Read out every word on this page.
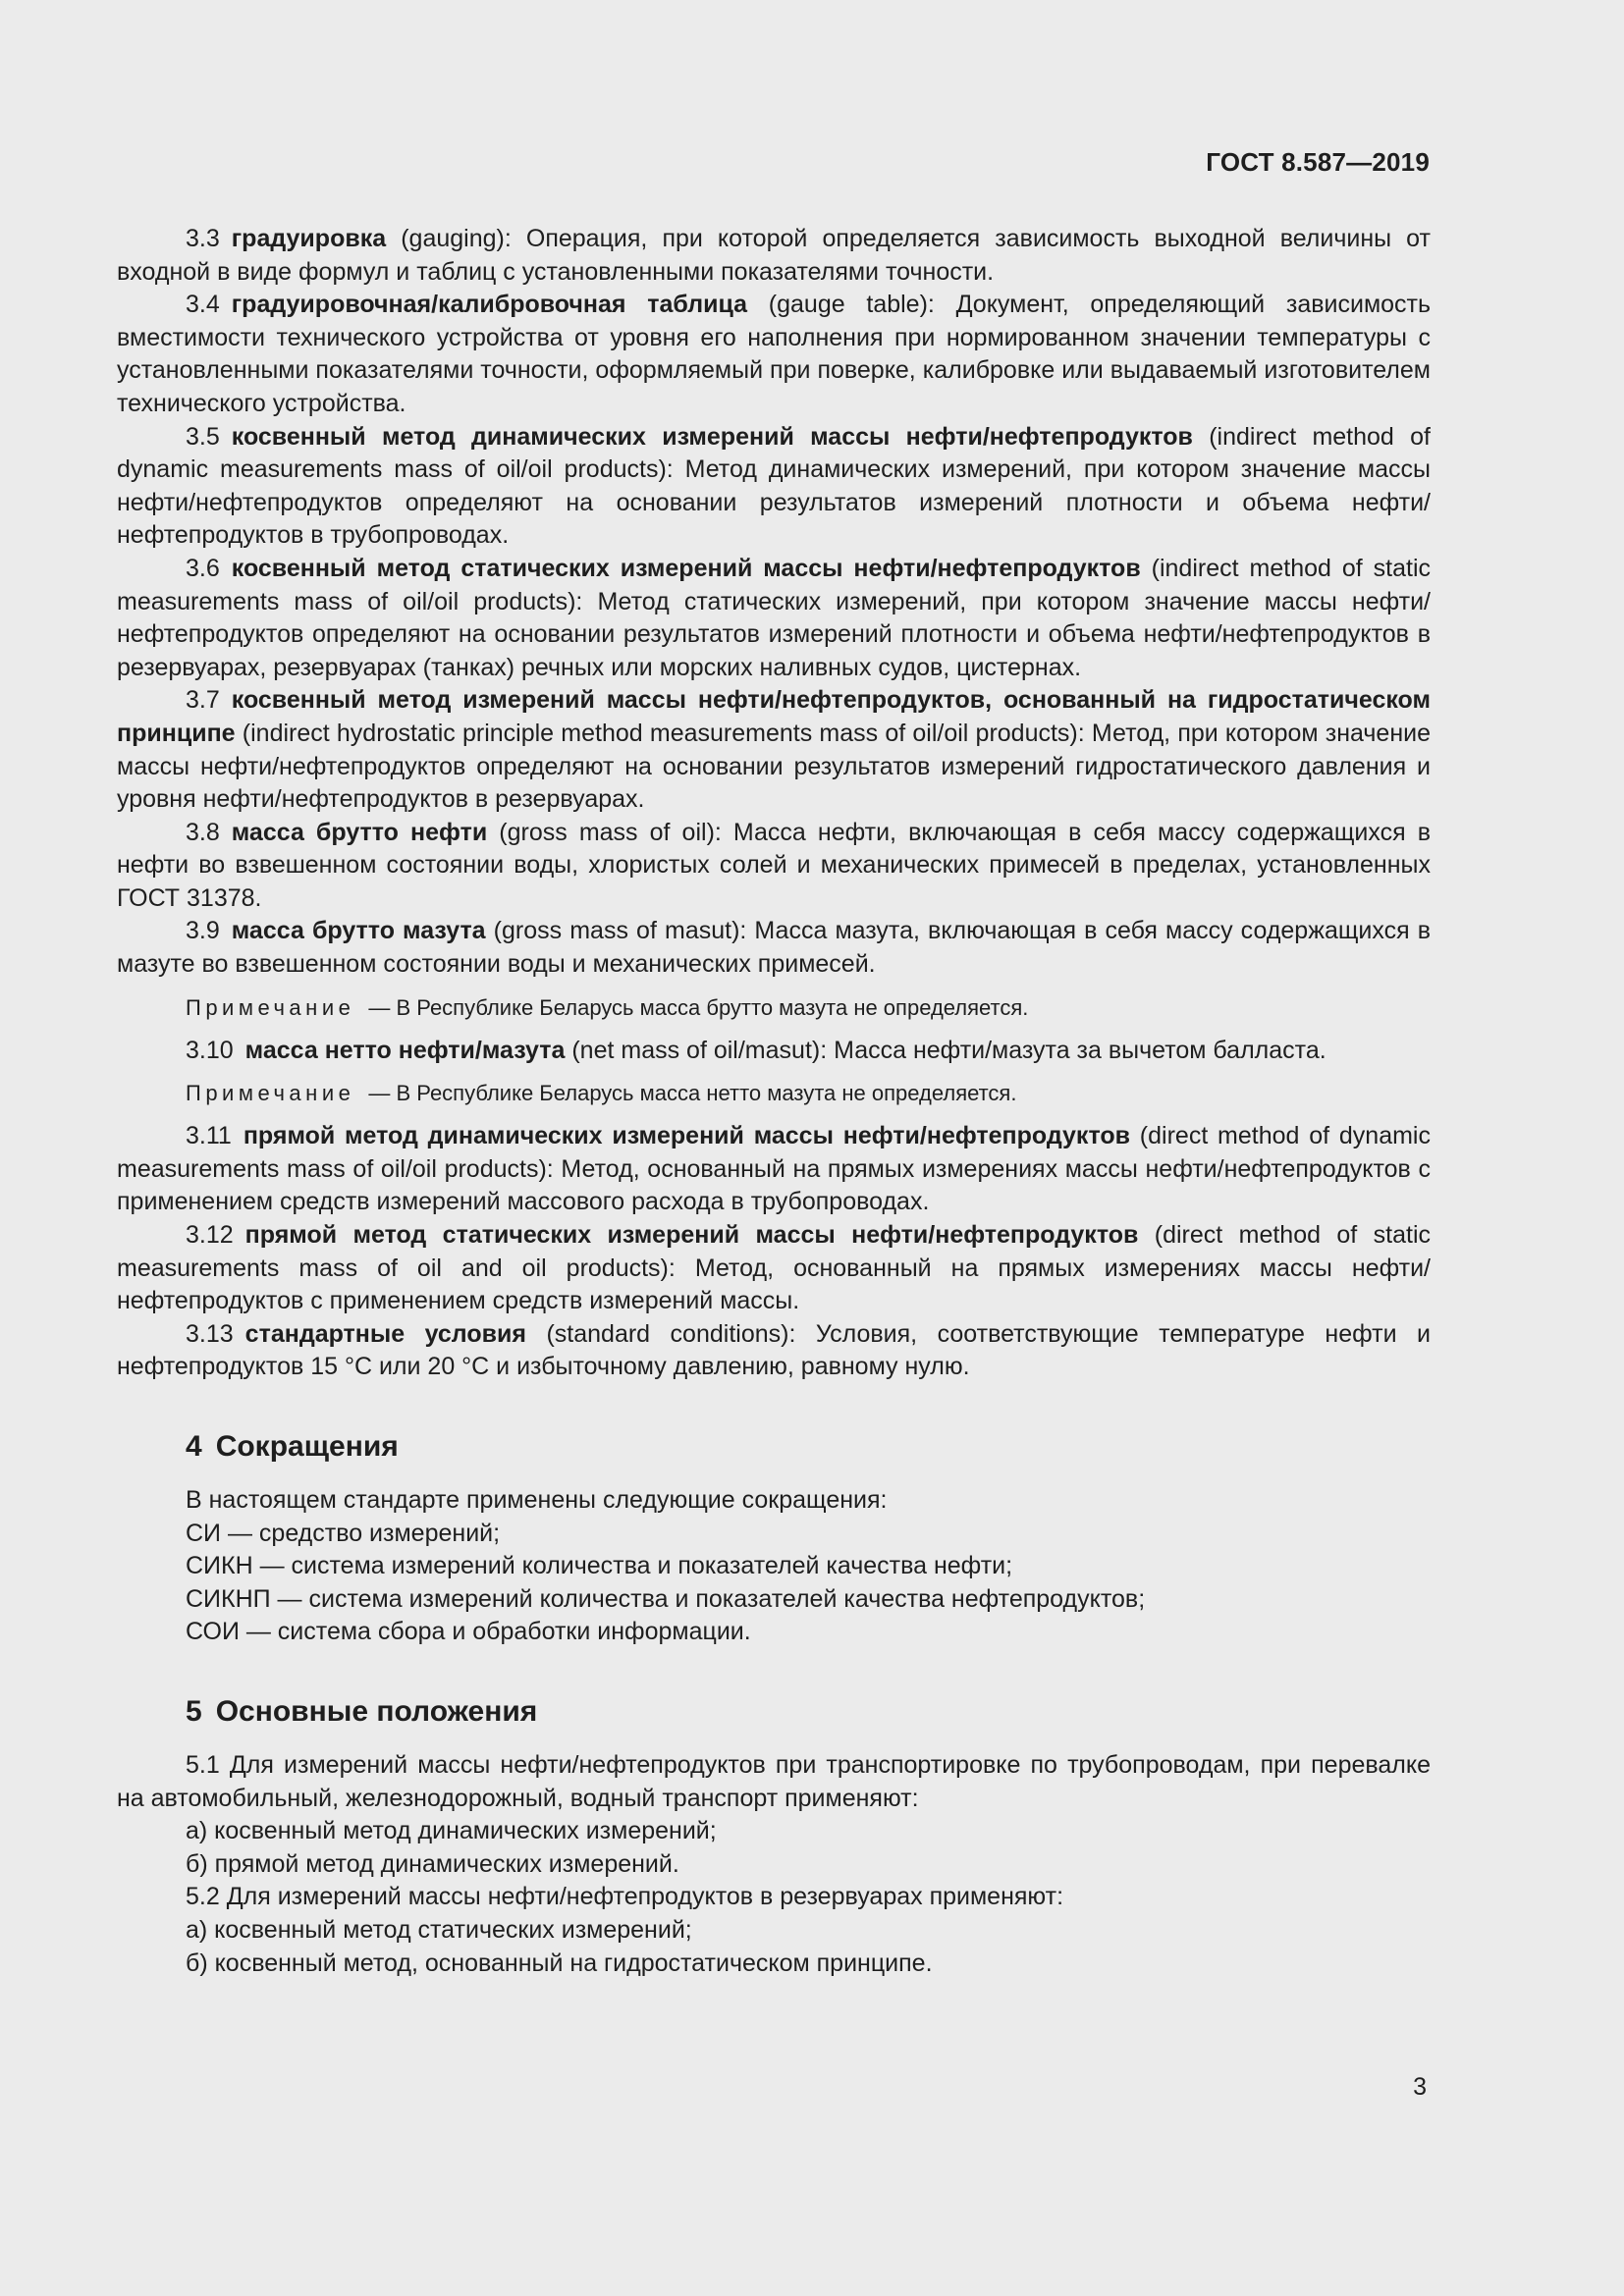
ГОСТ 8.587—2019

3.3 градуировка (gauging): Операция, при которой определяется зависимость выходной величины от входной в виде формул и таблиц с установленными показателями точности.

3.4 градуировочная/калибровочная таблица (gauge table): Документ, определяющий зависимость вместимости технического устройства от уровня его наполнения при нормированном значении температуры с установленными показателями точности, оформляемый при поверке, калибровке или выдаваемый изготовителем технического устройства.

3.5 косвенный метод динамических измерений массы нефти/нефтепродуктов (indirect method of dynamic measurements mass of oil/oil products): Метод динамических измерений, при котором значение массы нефти/нефтепродуктов определяют на основании результатов измерений плотности и объема нефти/нефтепродуктов в трубопроводах.

3.6 косвенный метод статических измерений массы нефти/нефтепродуктов (indirect method of static measurements mass of oil/oil products): Метод статических измерений, при котором значение массы нефти/нефтепродуктов определяют на основании результатов измерений плотности и объема нефти/нефтепродуктов в резервуарах, резервуарах (танках) речных или морских наливных судов, цистернах.

3.7 косвенный метод измерений массы нефти/нефтепродуктов, основанный на гидростатическом принципе (indirect hydrostatic principle method measurements mass of oil/oil products): Метод, при котором значение массы нефти/нефтепродуктов определяют на основании результатов измерений гидростатического давления и уровня нефти/нефтепродуктов в резервуарах.

3.8 масса брутто нефти (gross mass of oil): Масса нефти, включающая в себя массу содержащихся в нефти во взвешенном состоянии воды, хлористых солей и механических примесей в пределах, установленных ГОСТ 31378.

3.9 масса брутто мазута (gross mass of masut): Масса мазута, включающая в себя массу содержащихся в мазуте во взвешенном состоянии воды и механических примесей.

Примечание — В Республике Беларусь масса брутто мазута не определяется.

3.10 масса нетто нефти/мазута (net mass of oil/masut): Масса нефти/мазута за вычетом балласта.

Примечание — В Республике Беларусь масса нетто мазута не определяется.

3.11 прямой метод динамических измерений массы нефти/нефтепродуктов (direct method of dynamic measurements mass of oil/oil products): Метод, основанный на прямых измерениях массы нефти/нефтепродуктов с применением средств измерений массового расхода в трубопроводах.

3.12 прямой метод статических измерений массы нефти/нефтепродуктов (direct method of static measurements mass of oil and oil products): Метод, основанный на прямых измерениях массы нефти/нефтепродуктов с применением средств измерений массы.

3.13 стандартные условия (standard conditions): Условия, соответствующие температуре нефти и нефтепродуктов 15 °C или 20 °C и избыточному давлению, равному нулю.

4 Сокращения
В настоящем стандарте применены следующие сокращения:
СИ — средство измерений;
СИКН — система измерений количества и показателей качества нефти;
СИКНП — система измерений количества и показателей качества нефтепродуктов;
СОИ — система сбора и обработки информации.
5 Основные положения

5.1 Для измерений массы нефти/нефтепродуктов при транспортировке по трубопроводам, при перевалке на автомобильный, железнодорожный, водный транспорт применяют:

а) косвенный метод динамических измерений;
б) прямой метод динамических измерений.
5.2 Для измерений массы нефти/нефтепродуктов в резервуарах применяют:
а) косвенный метод статических измерений;
б) косвенный метод, основанный на гидростатическом принципе.
3
